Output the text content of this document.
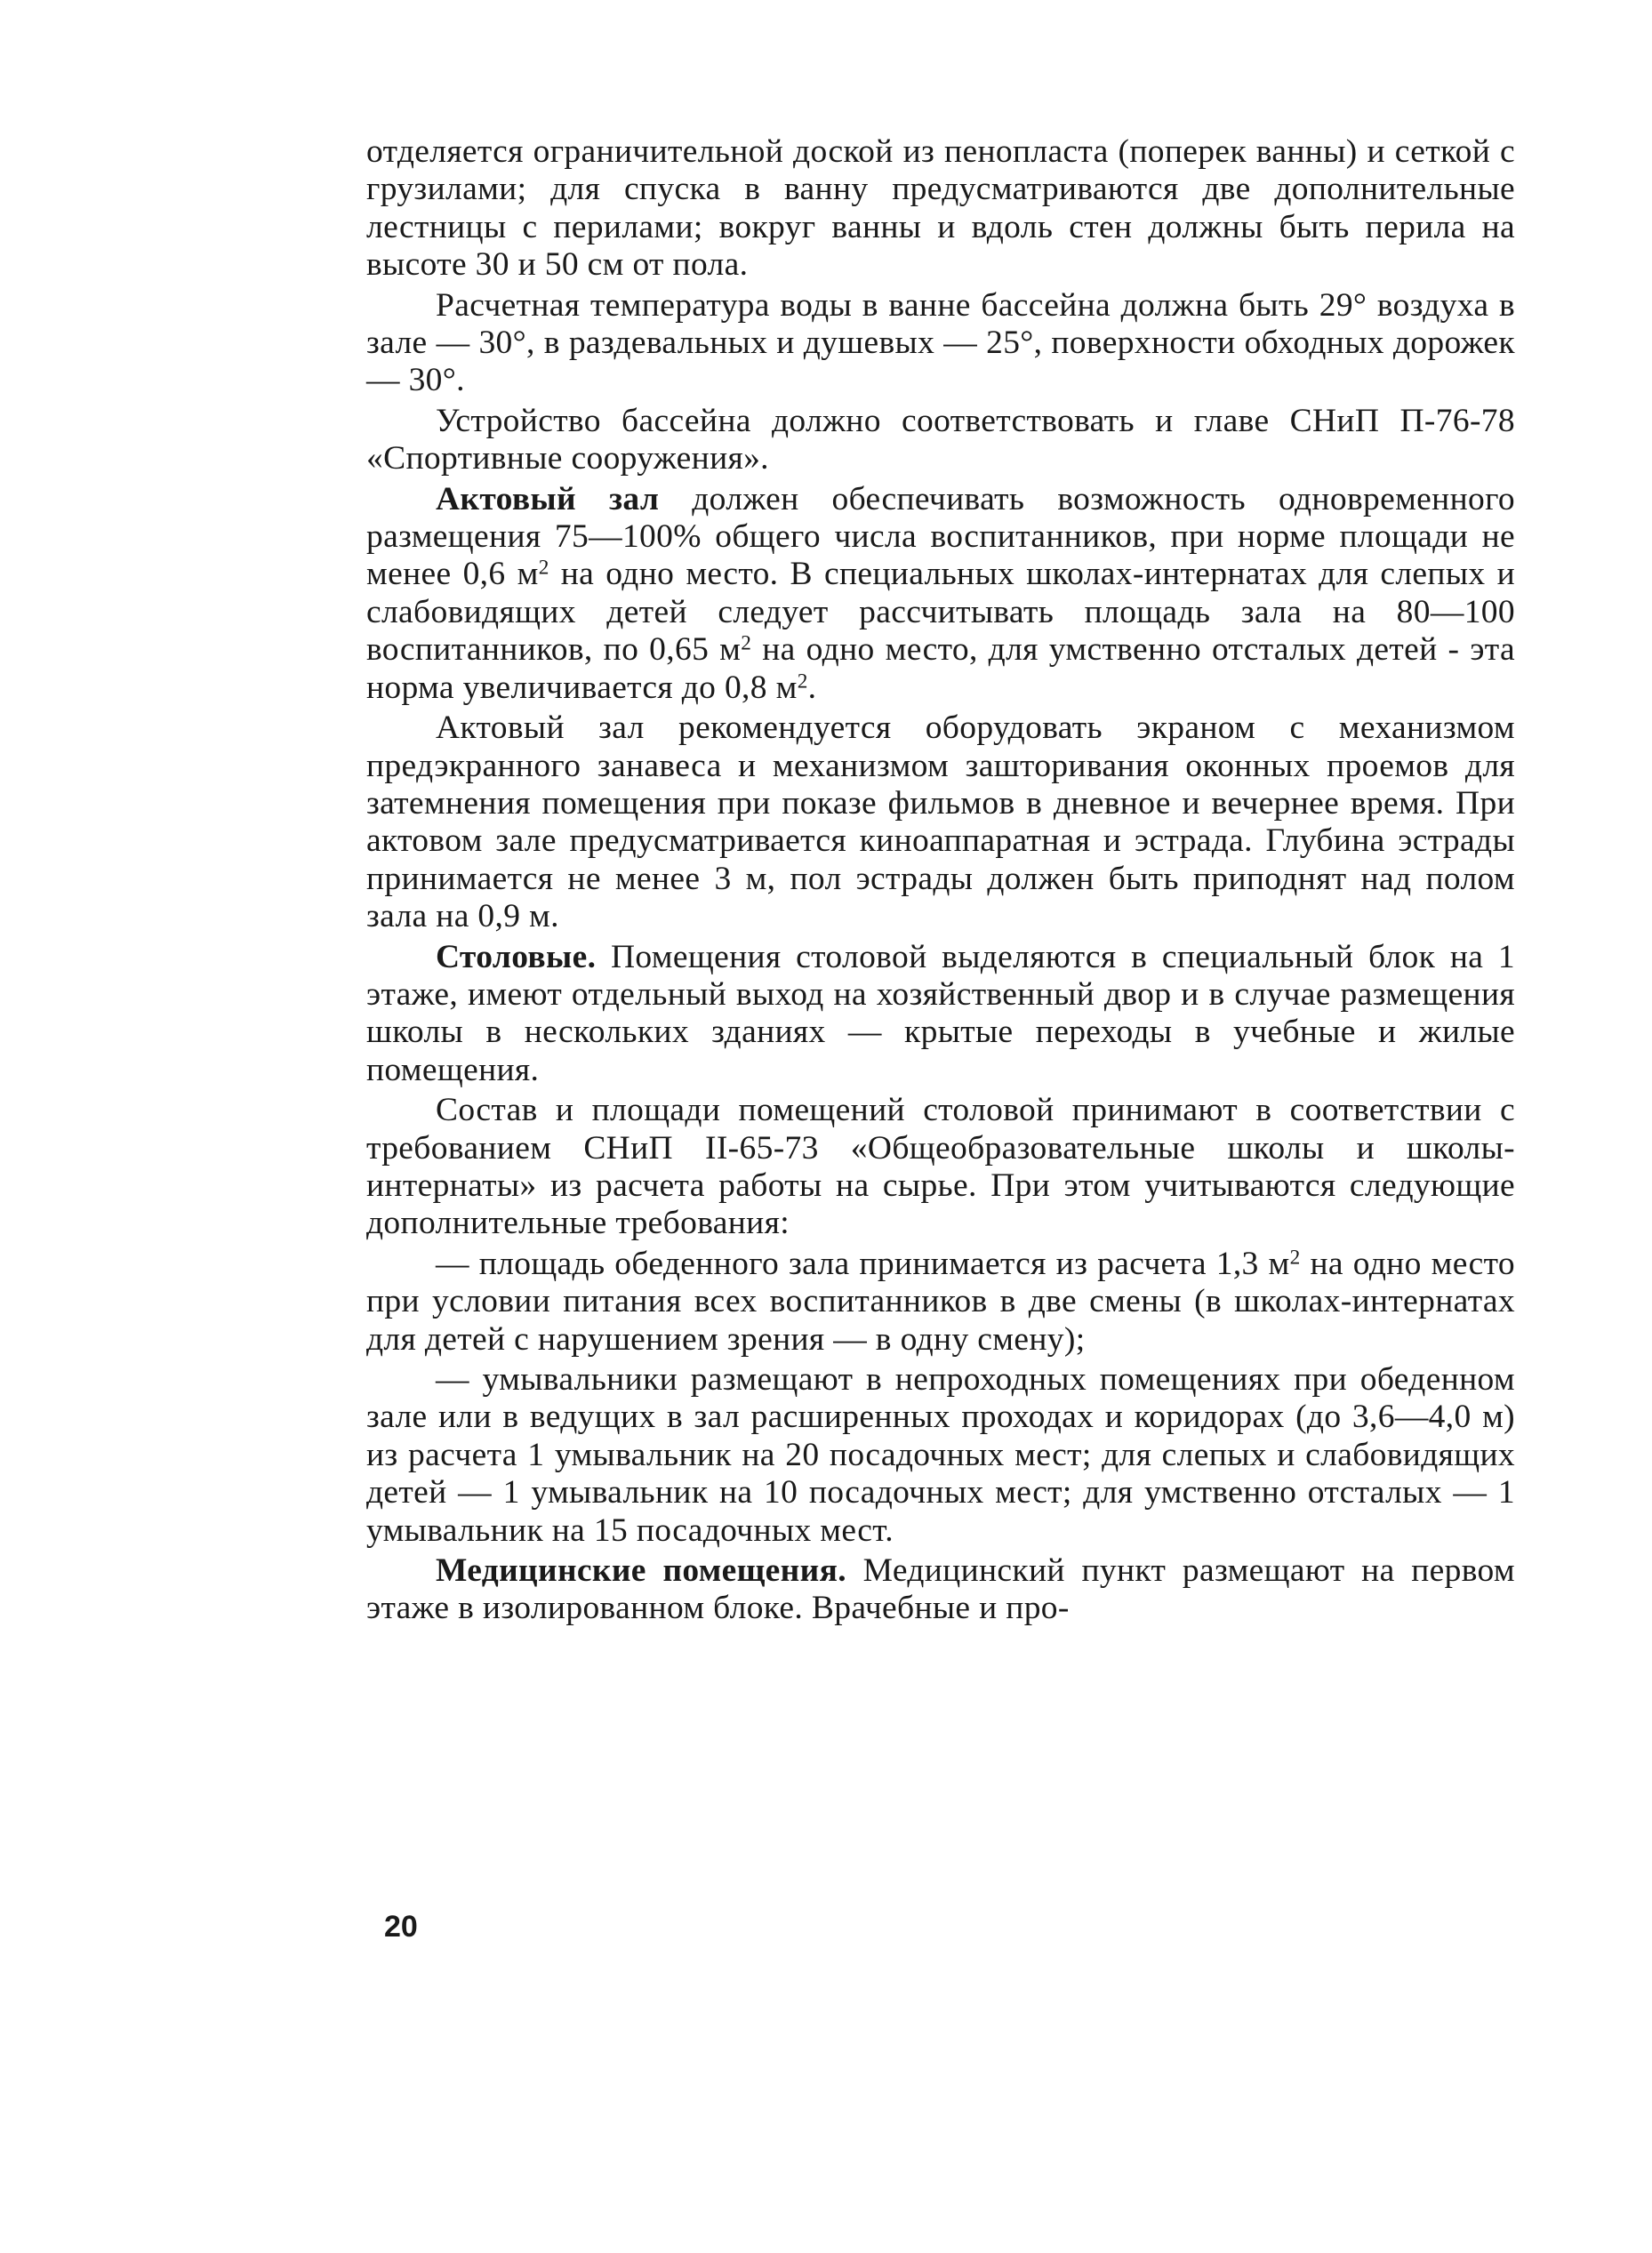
отделяется ограничительной доской из пенопласта (поперек ванны) и сеткой с грузилами; для спуска в ванну предусматриваются две дополнительные лестницы с перилами; вокруг ванны и вдоль стен должны быть перила на высоте 30 и 50 см от пола.

Расчетная температура воды в ванне бассейна должна быть 29° воздуха в зале — 30°, в раздевальных и душевых — 25°, поверхности обходных дорожек — 30°.

Устройство бассейна должно соответствовать и главе СНиП П-76-78 «Спортивные сооружения».

Актовый зал должен обеспечивать возможность одновременного размещения 75—100% общего числа воспитанников, при норме площади не менее 0,6 $м^2$ на одно место. В специальных школах-интернатах для слепых и слабовидящих детей следует рассчитывать площадь зала на 80—100 воспитанников, по 0,65 $м^2$ на одно место, для умственно отсталых детей - эта норма увеличивается до 0,8 $м^2$.

Актовый зал рекомендуется оборудовать экраном с механизмом предэкранного занавеса и механизмом зашторивания оконных проемов для затемнения помещения при показе фильмов в дневное и вечернее время. При актовом зале предусматривается киноаппаратная и эстрада. Глубина эстрады принимается не менее 3 м, пол эстрады должен быть приподнят над полом зала на 0,9 м.

Столовые. Помещения столовой выделяются в специальный блок на 1 этаже, имеют отдельный выход на хозяйственный двор и в случае размещения школы в нескольких зданиях — крытые переходы в учебные и жилые помещения.

Состав и площади помещений столовой принимают в соответствии с требованием СНиП II-65-73 «Общеобразовательные школы и школы-интернаты» из расчета работы на сырье. При этом учитываются следующие дополнительные требования:

— площадь обеденного зала принимается из расчета 1,3 $м^2$ на одно место при условии питания всех воспитанников в две смены (в школах-интернатах для детей с нарушением зрения — в одну смену);

— умывальники размещают в непроходных помещениях при обеденном зале или в ведущих в зал расширенных проходах и коридорах (до 3,6—4,0 м) из расчета 1 умывальник на 20 посадочных мест; для слепых и слабовидящих детей — 1 умывальник на 10 посадочных мест; для умственно отсталых — 1 умывальник на 15 посадочных мест.

Медицинские помещения. Медицинский пункт размещают на первом этаже в изолированном блоке. Врачебные и про-

20
